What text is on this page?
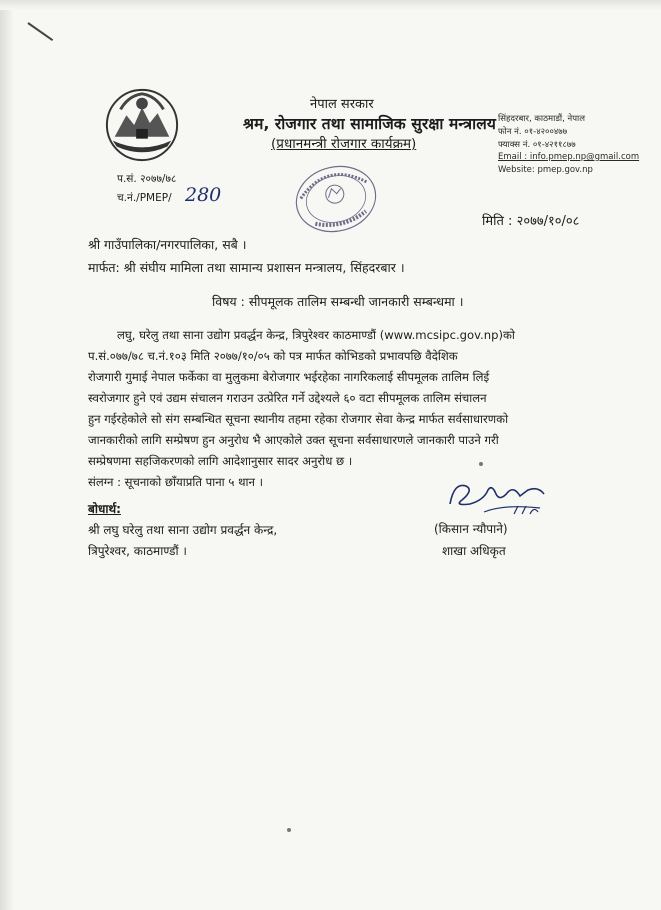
नेपाल सरकार
श्रम, रोजगार तथा सामाजिक सुरक्षा मन्त्रालय
(प्रधानमन्त्री रोजगार कार्यक्रम)
सिंहदरबार, काठमाडौं, नेपाल
फोन नं. ०१-४२००४७७
फ्याक्स नं. ०१-४२११८७७
Email : info.pmep.np@gmail.com
Website: pmep.gov.np
प.सं. २०७७/७८
च.नं./PMEP/ 280
मिति : २०७७/१०/०८
श्री गाउँपालिका/नगरपालिका, सबै ।
मार्फत: श्री संघीय मामिला तथा सामान्य प्रशासन मन्त्रालय, सिंहदरबार ।
विषय : सीपमूलक तालिम सम्बन्धी जानकारी सम्बन्धमा ।
लघु, घरेलु तथा साना उद्योग प्रवर्द्धन केन्द्र, त्रिपुरेश्वर काठमाण्डौं (www.mcsipc.gov.np)को
प.सं.०७७/७८ च.नं.१०३ मिति २०७७/१०/०५ को पत्र मार्फत कोभिडको प्रभावपछि वैदेशिक
रोजगारी गुमाई नेपाल फर्केका वा मुलुकमा बेरोजगार भईरहेका नागरिकलाई सीपमूलक तालिम लिई
स्वरोजगार हुने एवं उद्यम संचालन गराउन उत्प्रेरित गर्ने उद्देश्यले ६० वटा सीपमूलक तालिम संचालन
हुन गईरहेकोले सो संग सम्बन्धित सूचना स्थानीय तहमा रहेका रोजगार सेवा केन्द्र मार्फत सर्वसाधारणको
जानकारीको लागि सम्प्रेषण हुन अनुरोध भै आएकोले उक्त सूचना सर्वसाधारणले जानकारी पाउने गरी
सम्प्रेषणमा सहजिकरणको लागि आदेशानुसार सादर अनुरोध छ ।
संलग्न : सूचनाको छाँयाप्रति पाना ५ थान ।
बोधार्थ:
श्री लघु घरेलु तथा साना उद्योग प्रवर्द्धन केन्द्र,
त्रिपुरेश्वर, काठमाण्डौं ।
(किसान न्यौपाने)
शाखा अधिकृत
